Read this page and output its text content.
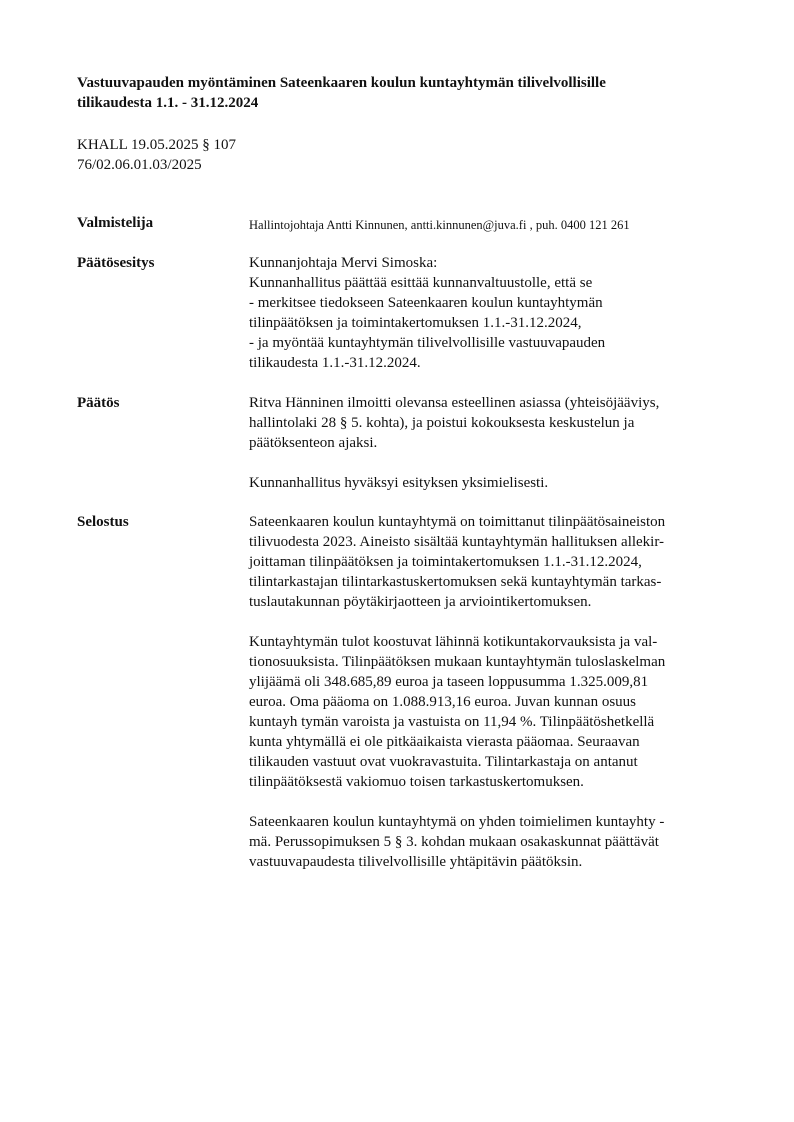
Vastuuvapauden myöntäminen Sateenkaaren koulun kuntayhtymän tilivelvollisille
tilikaudesta 1.1. - 31.12.2024
KHALL 19.05.2025 § 107
76/02.06.01.03/2025
Valmistelija	Hallintojohtaja Antti Kinnunen, antti.kinnunen@juva.fi , puh. 0400 121 261
Päätösesitys	Kunnanjohtaja Mervi Simoska:
Kunnanhallitus päättää esittää kunnanvaltuustolle, että se
- merkitsee tiedokseen Sateenkaaren koulun kuntayhtymän
tilinpäätöksen ja toimintakertomuksen 1.1.-31.12.2024,
- ja myöntää kuntayhtymän tilivelvollisille vastuuvapauden
tilikaudesta 1.1.-31.12.2024.
Päätös	Ritva Hänninen ilmoitti olevansa esteellinen asiassa (yhteisöjääviys,
hallintolaki 28 § 5. kohta), ja poistui kokouksesta keskustelun ja
päätöksenteon ajaksi.
Kunnanhallitus hyväksyi esityksen yksimielisesti.
Selostus	Sateenkaaren koulun kuntayhtymä on toimittanut tilinpäätösaineiston
tilivuodesta 2023. Aineisto sisältää kuntayhtymän hallituksen allekir-
joittaman tilinpäätöksen ja toimintakertomuksen 1.1.-31.12.2024,
tilintarkastajan tilintarkastuskertomuksen sekä kuntayhtymän tarkas-
tuslautakunnan pöytäkirjaotteen ja arviointikertomuksen.
Kuntayhtymän tulot koostuvat lähinnä kotikuntakorvauksista ja val-
tionosuuksista. Tilinpäätöksen mukaan kuntayhtymän tuloslaskelman
ylijäämä oli 348.685,89 euroa ja taseen loppusumma 1.325.009,81
euroa. Oma pääoma on 1.088.913,16 euroa. Juvan kunnan osuus
kuntayh tymän varoista ja vastuista on 11,94 %. Tilinpäätöshetkellä
kunta yhtymällä ei ole pitkäaikaista vierasta pääomaa. Seuraavan
tilikauden vastuut ovat vuokravastuita. Tilintarkastaja on antanut
tilinpäätöksestä vakiomuo toisen tarkastuskertomuksen.
Sateenkaaren koulun kuntayhtymä on yhden toimielimen kuntayhty -
mä. Perussopimuksen 5 § 3. kohdan mukaan osakaskunnat päättävät
vastuuvapaudesta tilivelvollisille yhtäpitävin päätöksin.
